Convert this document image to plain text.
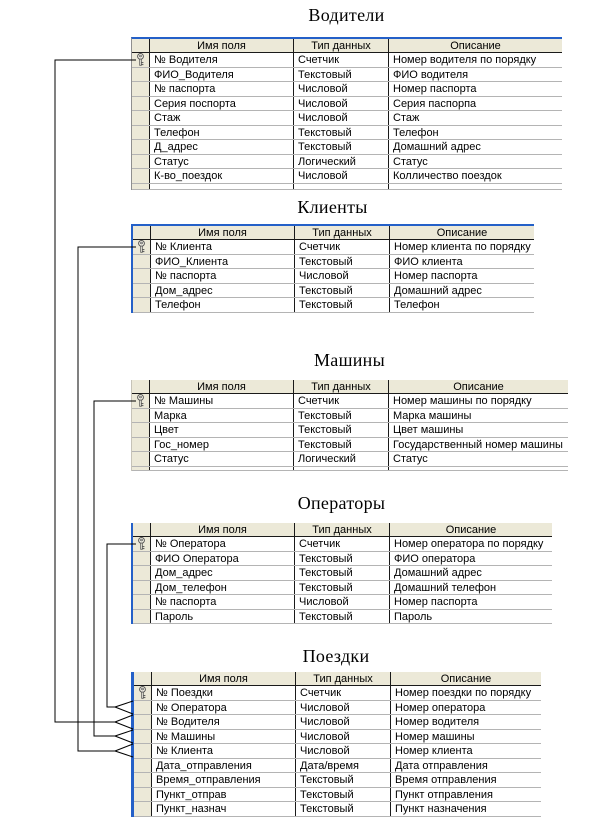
Водители
Имя поля	Тип данных	Описание
№ Водителя	Счетчик	Номер водителя по порядку
ФИО_Водителя	Текстовый	ФИО водителя
№ паспорта	Числовой	Номер паспорта
Серия поспорта	Числовой	Серия паспорпа
Стаж	Числовой	Стаж
Телефон	Текстовый	Телефон
Д_адрес	Текстовый	Домашний адрес
Статус	Логический	Статус
К-во_поездок	Числовой	Колличество поездок
Клиенты
Имя поля	Тип данных	Описание
№ Клиента	Счетчик	Номер клиента по порядку
ФИО_Клиента	Текстовый	ФИО клиента
№ паспорта	Числовой	Номер паспорта
Дом_адрес	Текстовый	Домашний адрес
Телефон	Текстовый	Телефон
Машины
Имя поля	Тип данных	Описание
№ Машины	Счетчик	Номер машины по порядку
Марка	Текстовый	Марка машины
Цвет	Текстовый	Цвет машины
Гос_номер	Текстовый	Государственный номер машины
Статус	Логический	Статус
Операторы
Имя поля	Тип данных	Описание
№ Оператора	Счетчик	Номер оператора по порядку
ФИО Оператора	Текстовый	ФИО оператора
Дом_адрес	Текстовый	Домашний адрес
Дом_телефон	Текстовый	Домашний телефон
№ паспорта	Числовой	Номер паспорта
Пароль	Текстовый	Пароль
Поездки
Имя поля	Тип данных	Описание
№ Поездки	Счетчик	Номер поездки по порядку
№ Оператора	Числовой	Номер оператора
№ Водителя	Числовой	Номер водителя
№ Машины	Числовой	Номер машины
№ Клиента	Числовой	Номер клиента
Дата_отправления	Дата/время	Дата отправления
Время_отправления	Текстовый	Время отправления
Пункт_отправ	Текстовый	Пункт отправления
Пункт_назнач	Текстовый	Пункт назначения
